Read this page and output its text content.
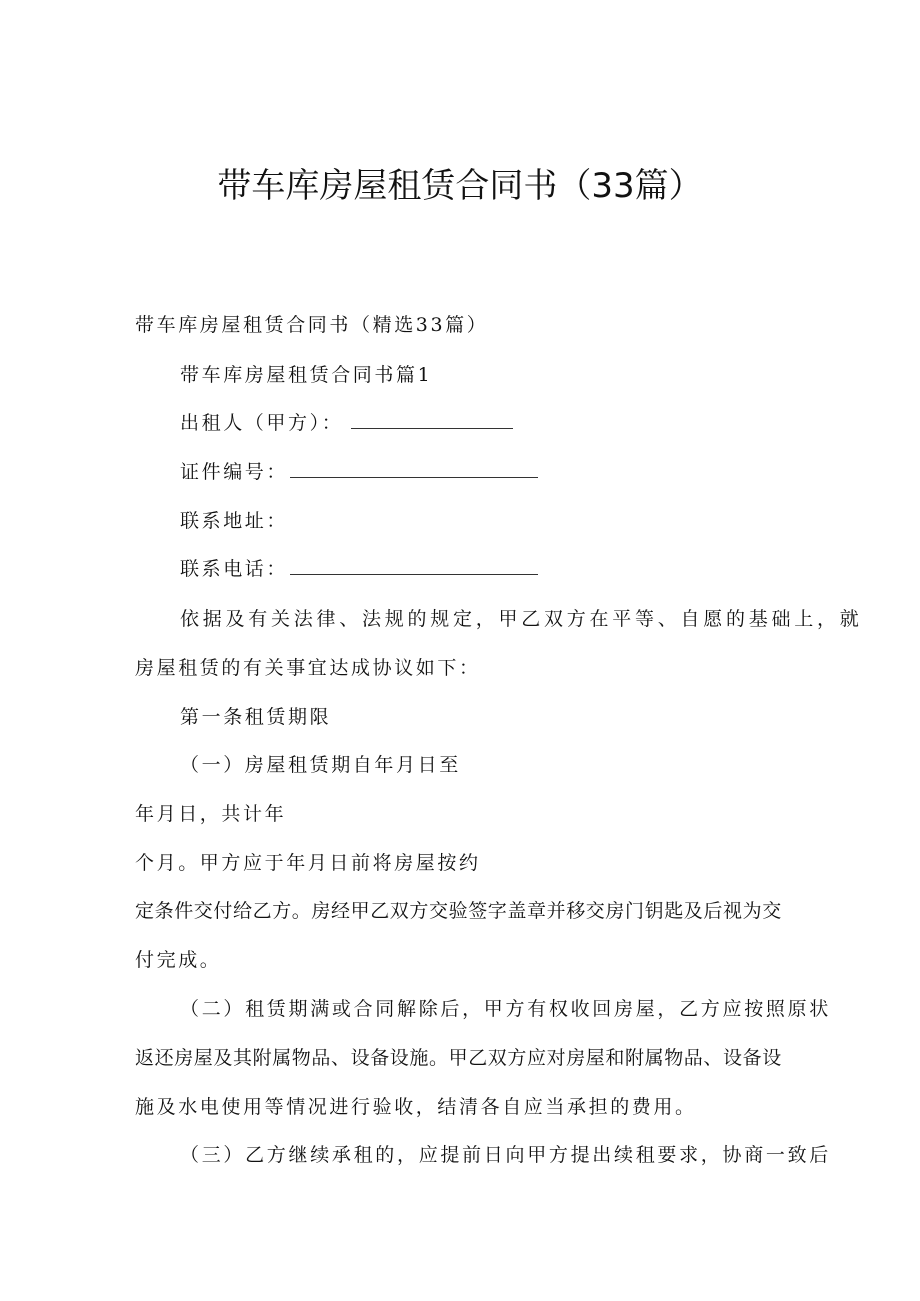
带车库房屋租赁合同书（33篇）
带车库房屋租赁合同书（精选33篇）
带车库房屋租赁合同书篇1
出租人（甲方）：
证件编号：
联系地址：
联系电话：
依据及有关法律、法规的规定，甲乙双方在平等、自愿的基础上，就
房屋租赁的有关事宜达成协议如下：
第一条租赁期限
（一）房屋租赁期自年月日至
年月日，共计年
个月。甲方应于年月日前将房屋按约
定条件交付给乙方。房经甲乙双方交验签字盖章并移交房门钥匙及后视为交
付完成。
（二）租赁期满或合同解除后，甲方有权收回房屋，乙方应按照原状
返还房屋及其附属物品、设备设施。甲乙双方应对房屋和附属物品、设备设
施及水电使用等情况进行验收，结清各自应当承担的费用。
（三）乙方继续承租的，应提前日向甲方提出续租要求，协商一致后
